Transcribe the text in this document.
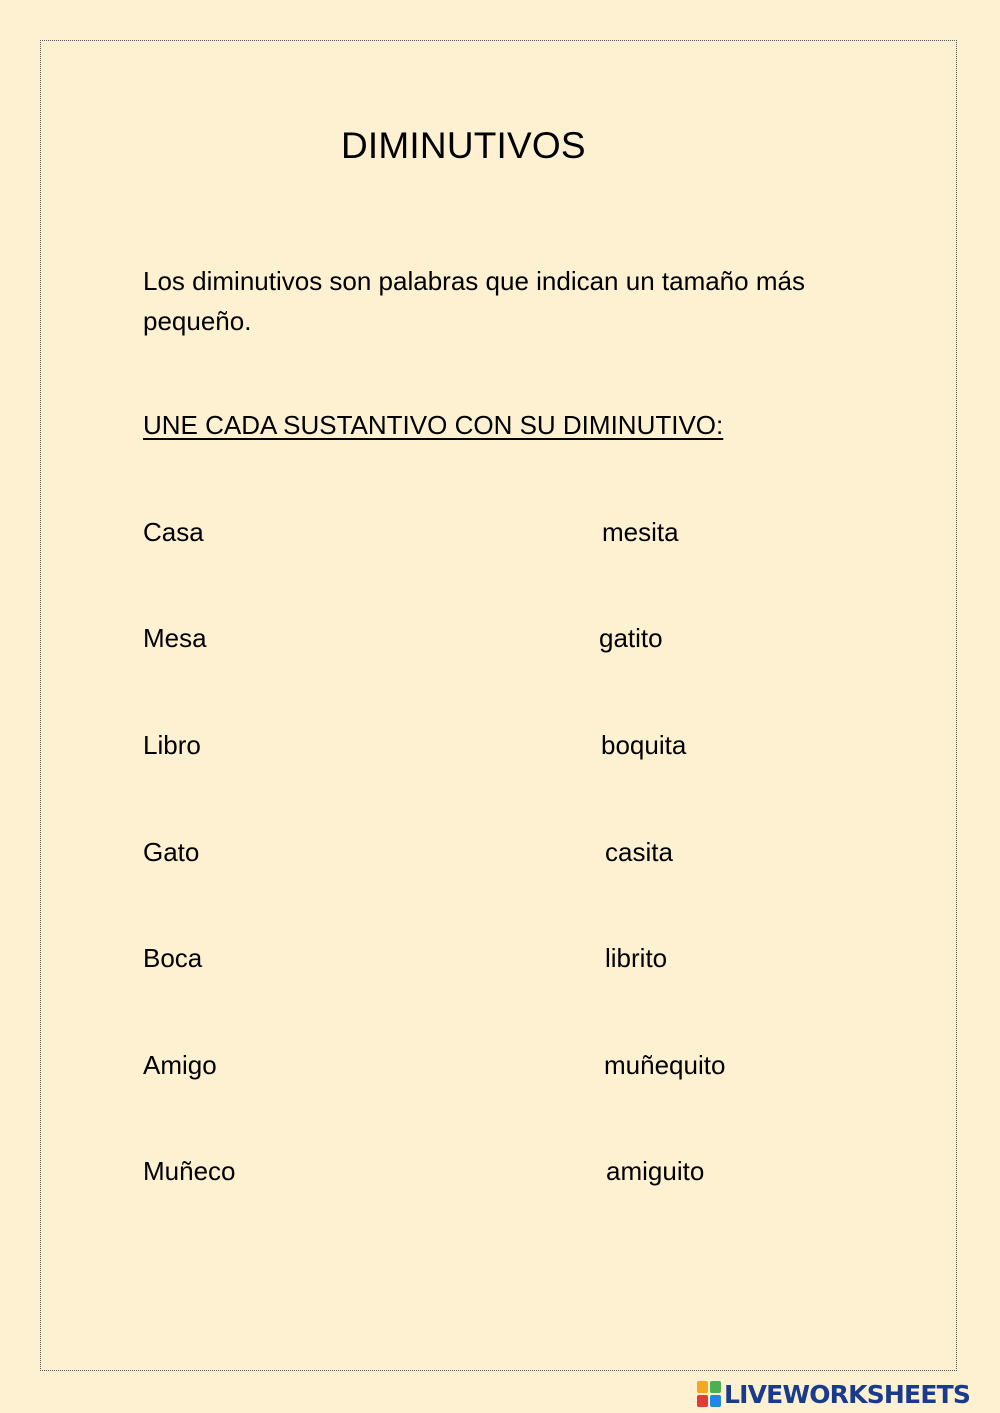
DIMINUTIVOS

Los diminutivos son palabras que indican un tamaño más pequeño.

UNE CADA SUSTANTIVO CON SU DIMINUTIVO:

Casa

Mesa

Libro

Gato

Boca

Amigo

Muñeco

mesita

gatito

boquita

casita

librito

muñequito

amiguito

LIVEWORKSHEETS
